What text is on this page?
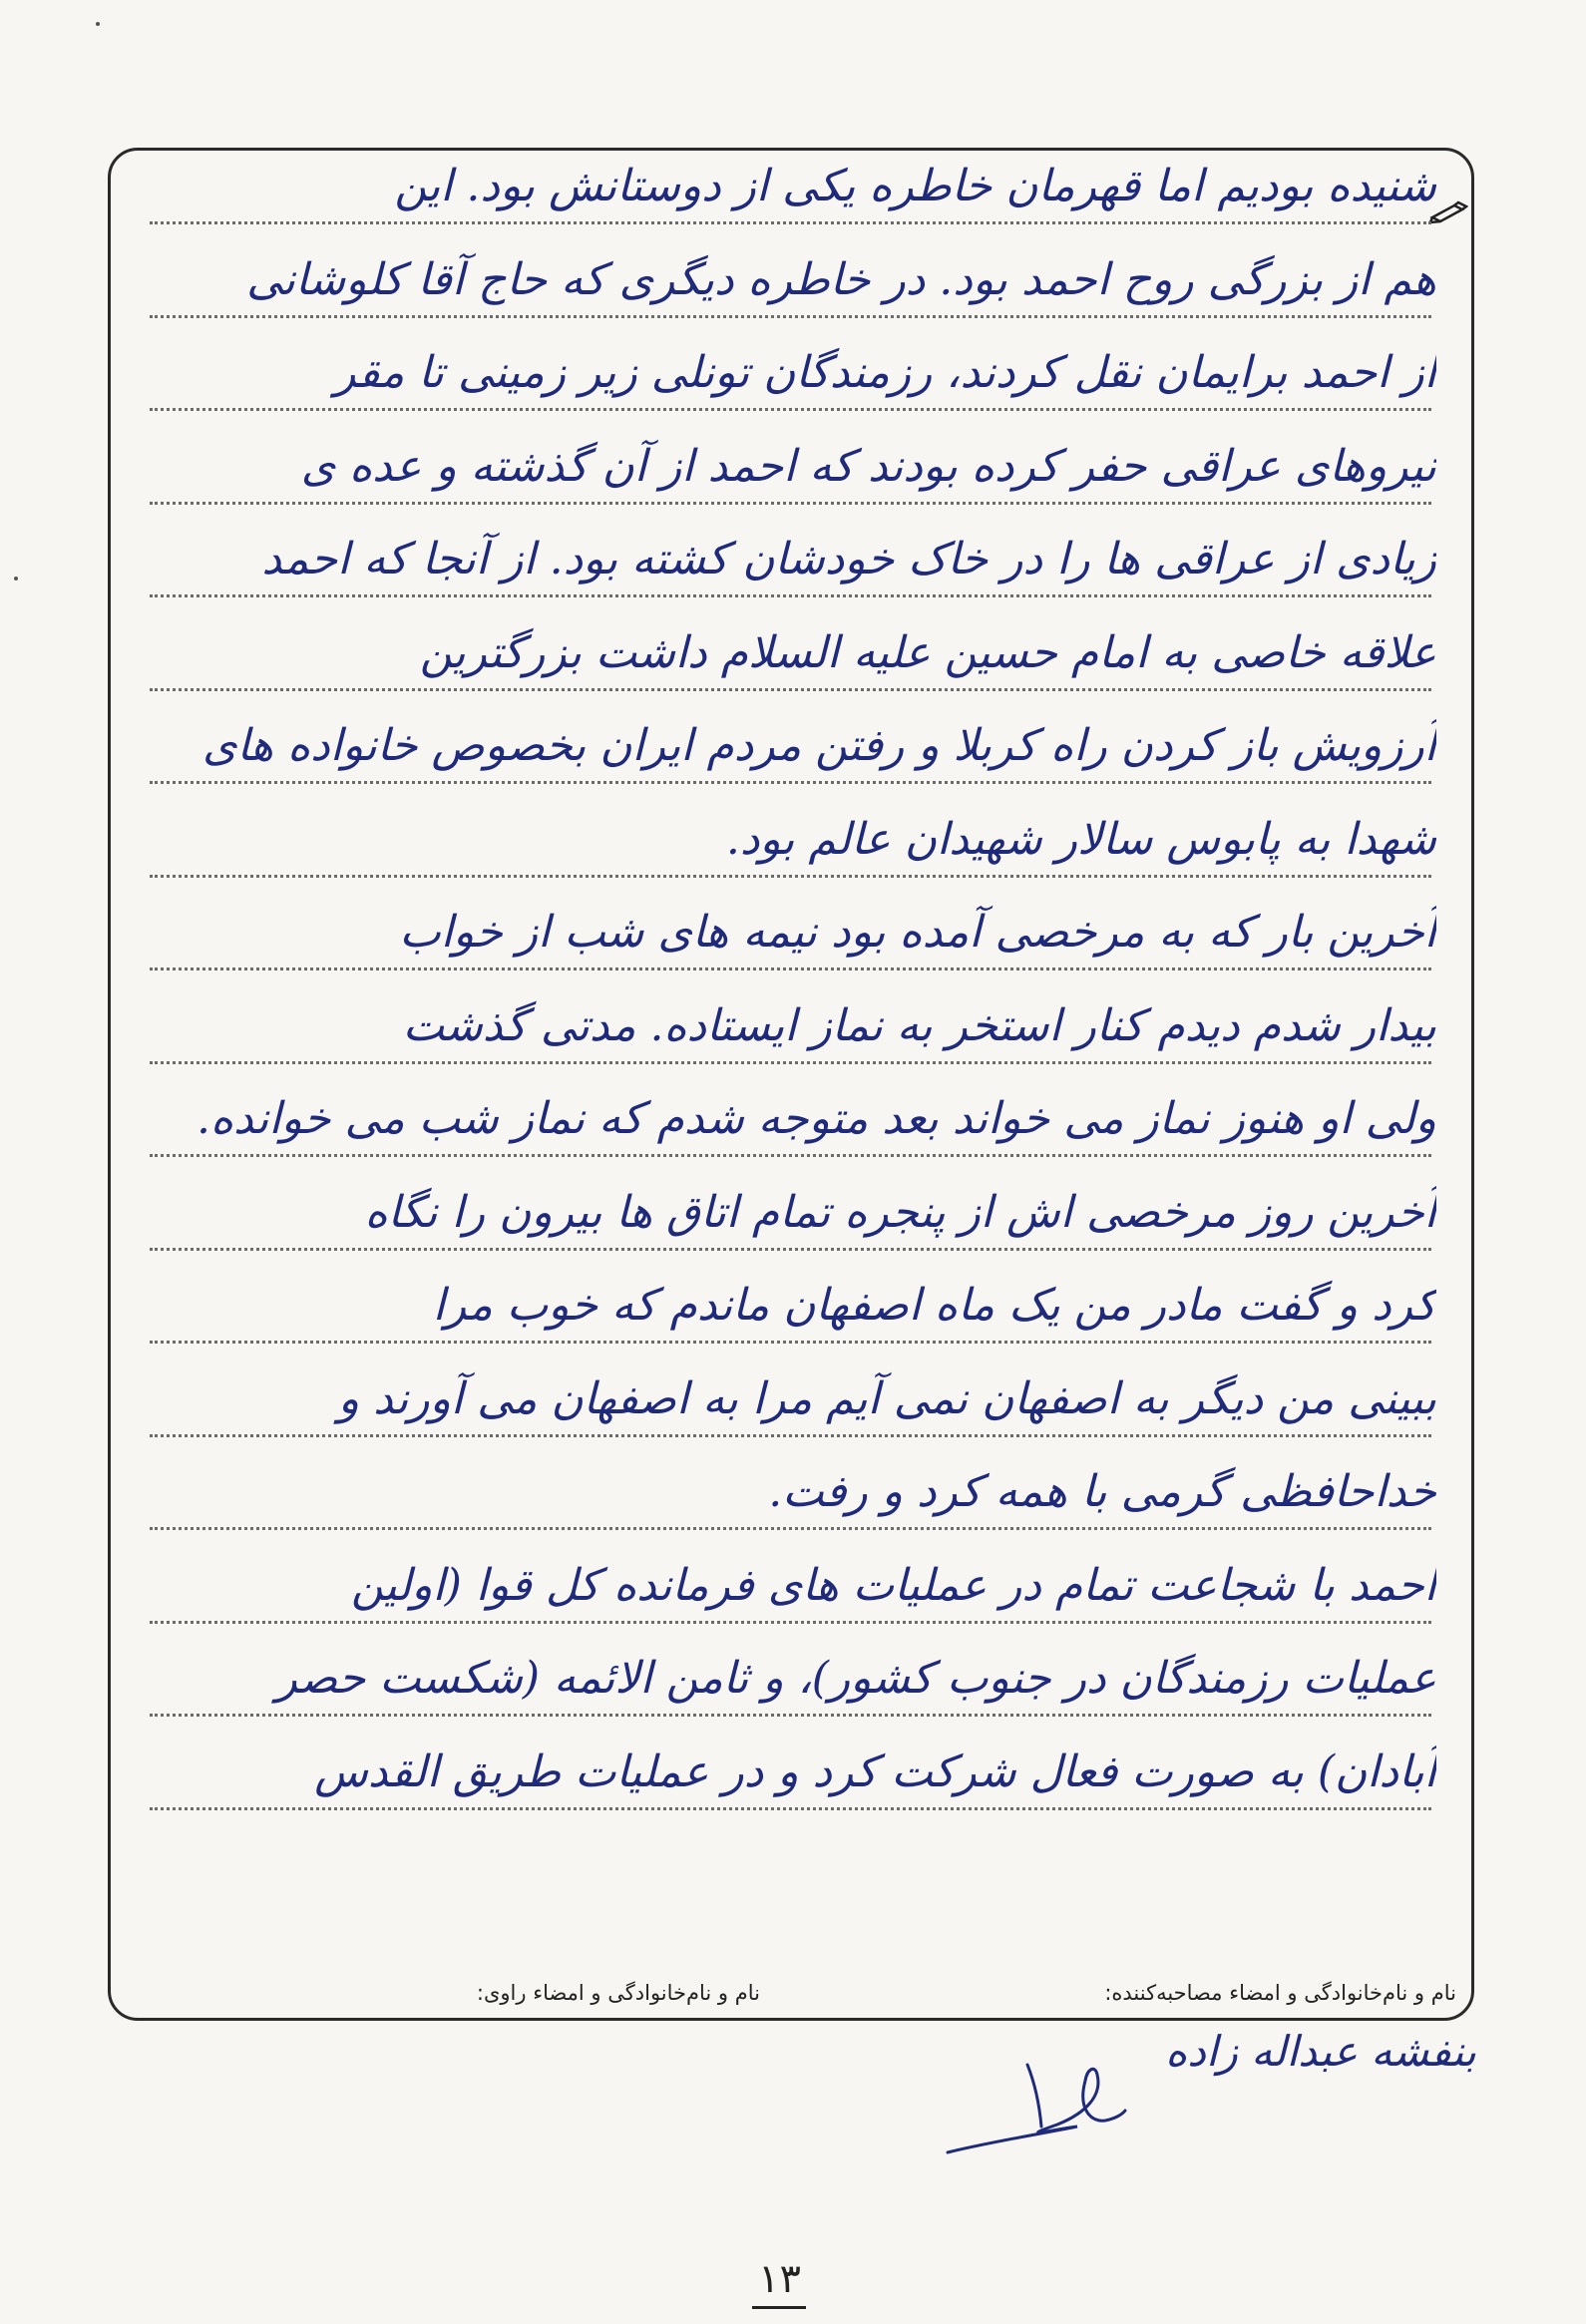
شنیده بودیم اما قهرمان خاطره یکی از دوستانش بود. این
هم از بزرگی روح احمد بود. در خاطره دیگری که حاج آقا کلوشانی
از احمد برایمان نقل کردند، رزمندگان تونلی زیر زمینی تا مقر
نیروهای عراقی حفر کرده بودند که احمد از آن گذشته و عده ی
زیادی از عراقی ها را در خاک خودشان کشته بود. از آنجا که احمد
علاقه خاصی به امام حسین علیه السلام داشت بزرگترین
آرزویش باز کردن راه کربلا و رفتن مردم ایران بخصوص خانواده های
شهدا به پابوس سالار شهیدان عالم بود.
آخرین بار که به مرخصی آمده بود نیمه های شب از خواب
بیدار شدم دیدم کنار استخر به نماز ایستاده. مدتی گذشت
ولی او هنوز نماز می خواند بعد متوجه شدم که نماز شب می خوانده.
آخرین روز مرخصی اش از پنجره تمام اتاق ها بیرون را نگاه
کرد و گفت مادر من یک ماه اصفهان ماندم که خوب مرا
ببینی من دیگر به اصفهان نمی آیم مرا به اصفهان می آورند و
خداحافظی گرمی با همه کرد و رفت.
احمد با شجاعت تمام در عملیات های فرمانده کل قوا (اولین
عملیات رزمندگان در جنوب کشور)، و ثامن الائمه (شکست حصر
آبادان) به صورت فعال شرکت کرد و در عملیات طریق القدس
نام و نام‌خانوادگی و امضاء مصاحبه‌کننده:
نام و نام‌خانوادگی و امضاء راوی:
بنفشه عبداله زاده
۱۳
